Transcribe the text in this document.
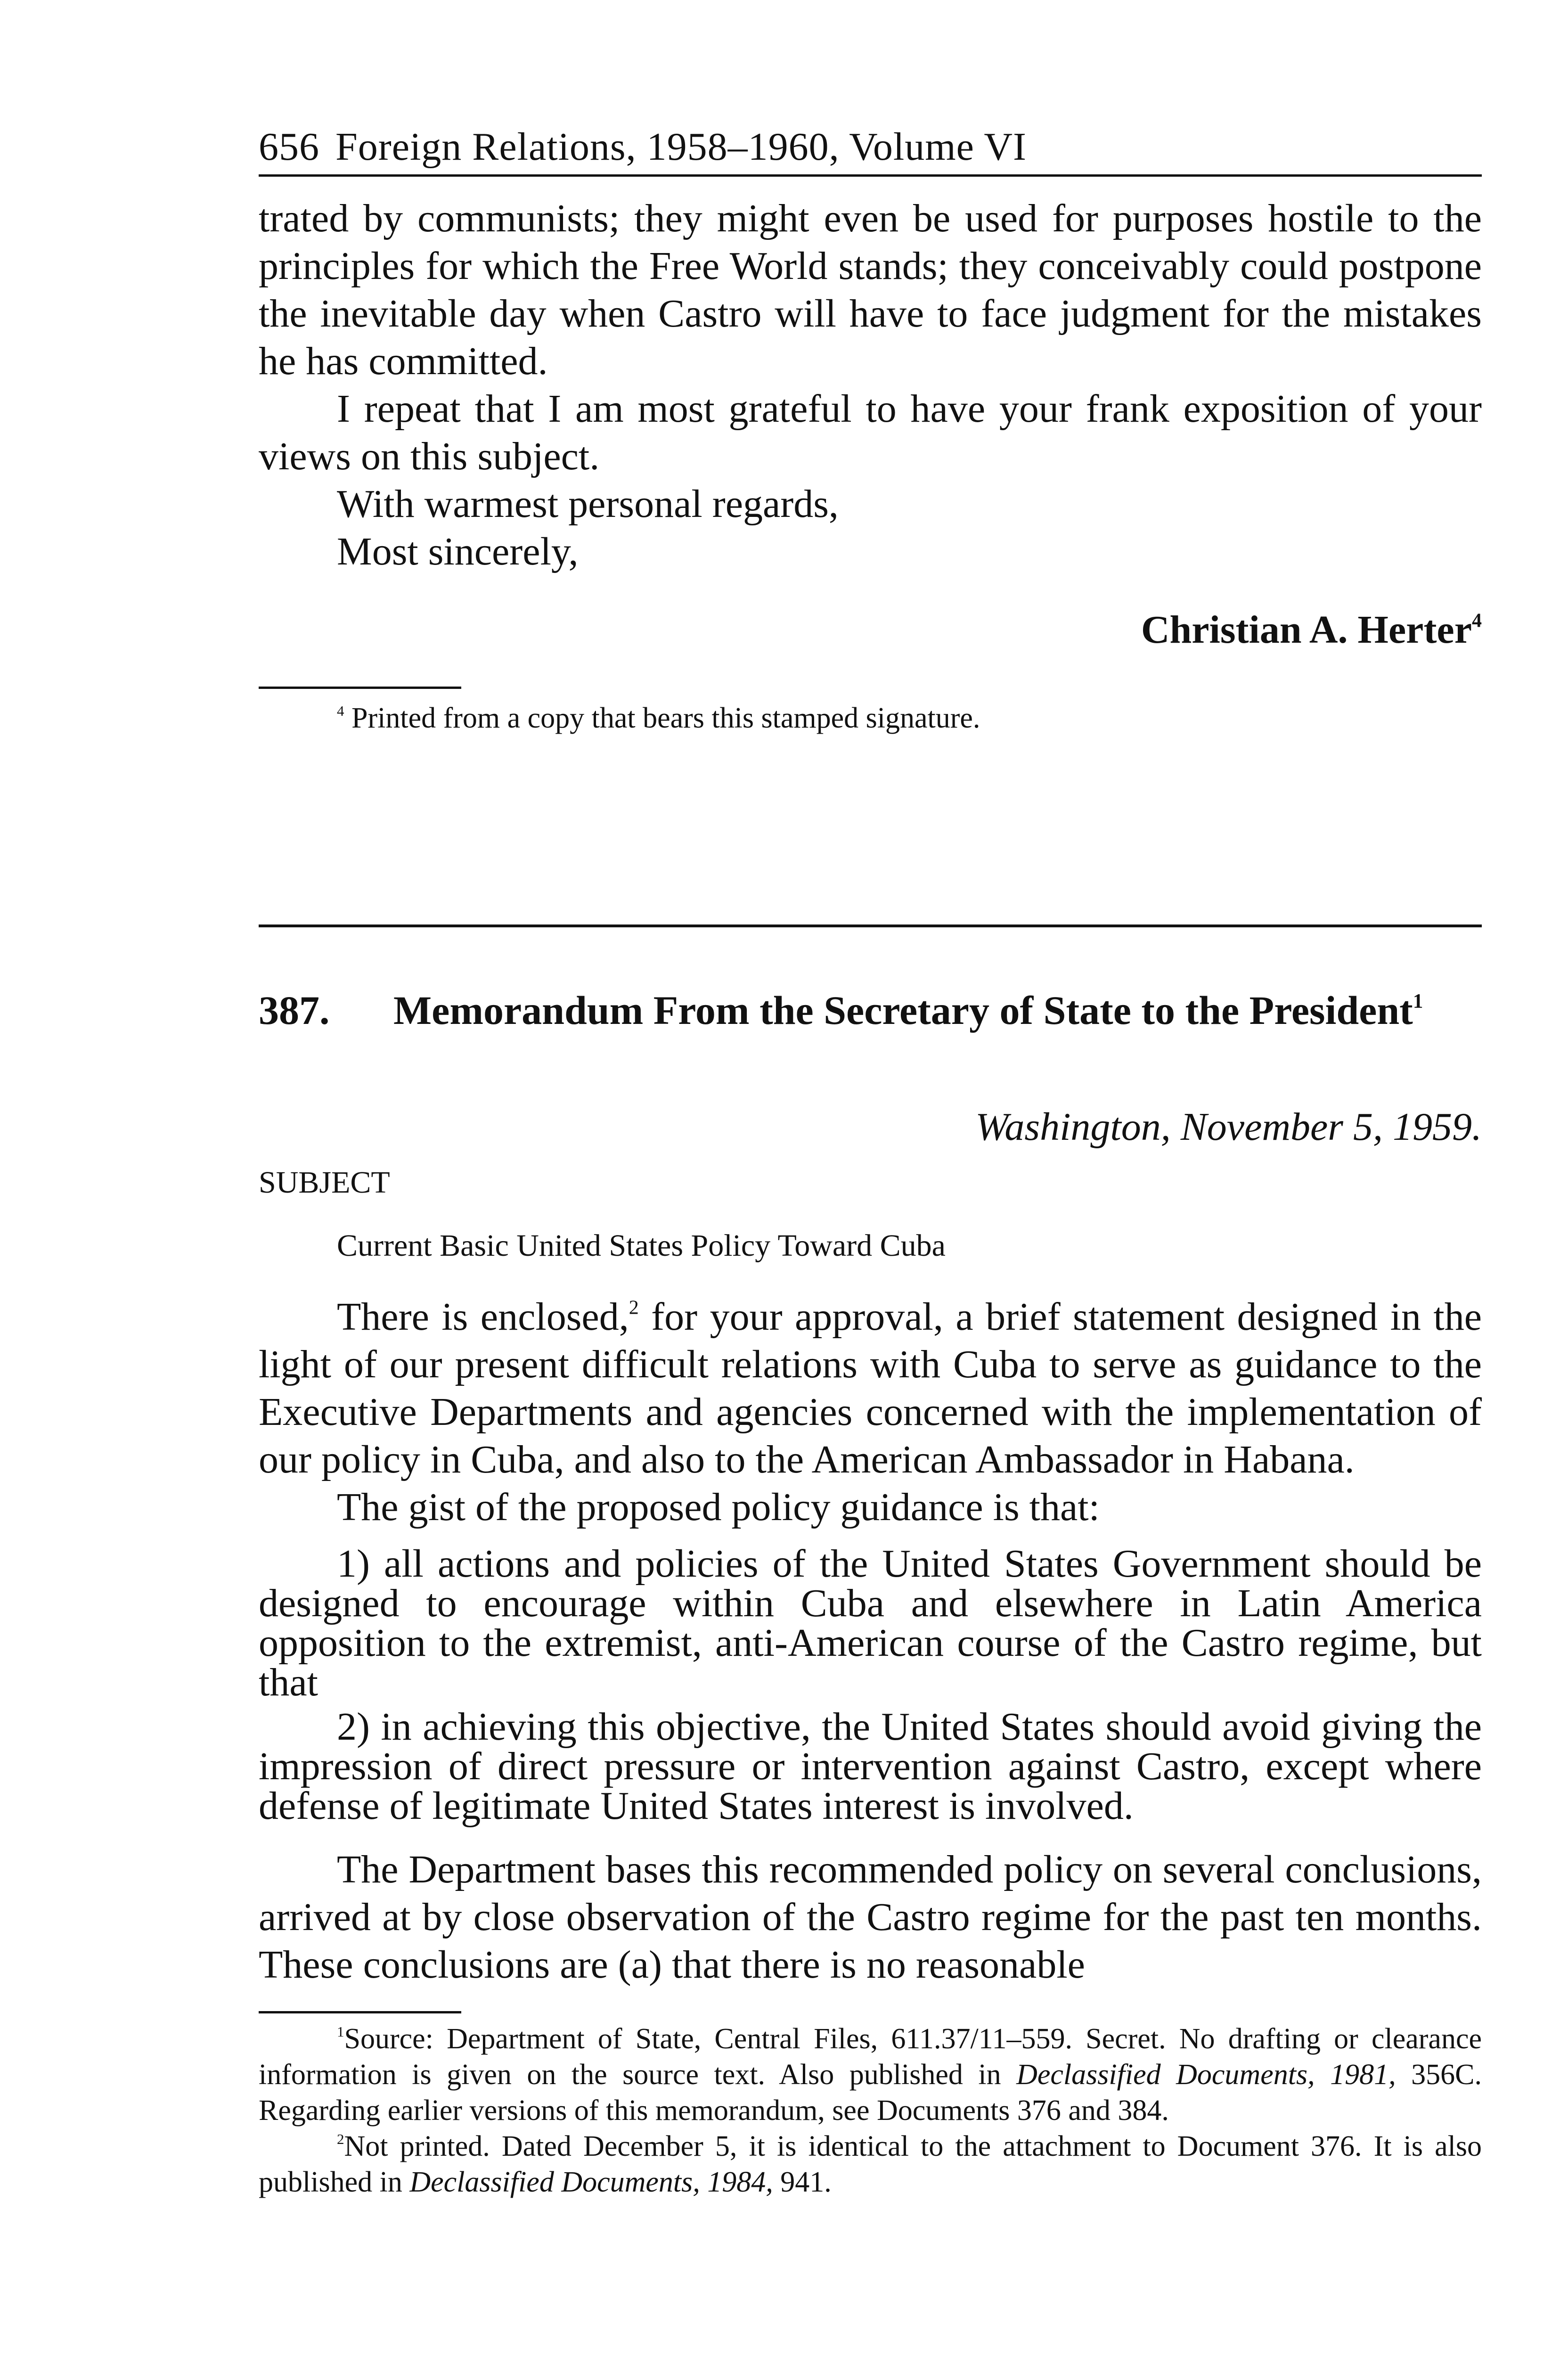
656 Foreign Relations, 1958–1960, Volume VI

trated by communists; they might even be used for purposes hostile to the principles for which the Free World stands; they conceivably could postpone the inevitable day when Castro will have to face judgment for the mistakes he has committed.

I repeat that I am most grateful to have your frank exposition of your views on this subject.

With warmest personal regards,

Most sincerely,

Christian A. Herter$^4$

$^4$ Printed from a copy that bears this stamped signature.

387.	Memorandum From the Secretary of State to the President$^1$
Washington, November 5, 1959.
SUBJECT
Current Basic United States Policy Toward Cuba

There is enclosed,$^2$ for your approval, a brief statement designed in the light of our present difficult relations with Cuba to serve as guidance to the Executive Departments and agencies concerned with the implementation of our policy in Cuba, and also to the American Ambassador in Habana.

The gist of the proposed policy guidance is that:

1) all actions and policies of the United States Government should be designed to encourage within Cuba and elsewhere in Latin America opposition to the extremist, anti-American course of the Castro regime, but that

2) in achieving this objective, the United States should avoid giving the impression of direct pressure or intervention against Castro, except where defense of legitimate United States interest is involved.

The Department bases this recommended policy on several conclusions, arrived at by close observation of the Castro regime for the past ten months. These conclusions are (a) that there is no reasonable

$^1$Source: Department of State, Central Files, 611.37/11–559. Secret. No drafting or clearance information is given on the source text. Also published in Declassified Documents, 1981, 356C. Regarding earlier versions of this memorandum, see Documents 376 and 384.

$^2$Not printed. Dated December 5, it is identical to the attachment to Document 376. It is also published in Declassified Documents, 1984, 941.
